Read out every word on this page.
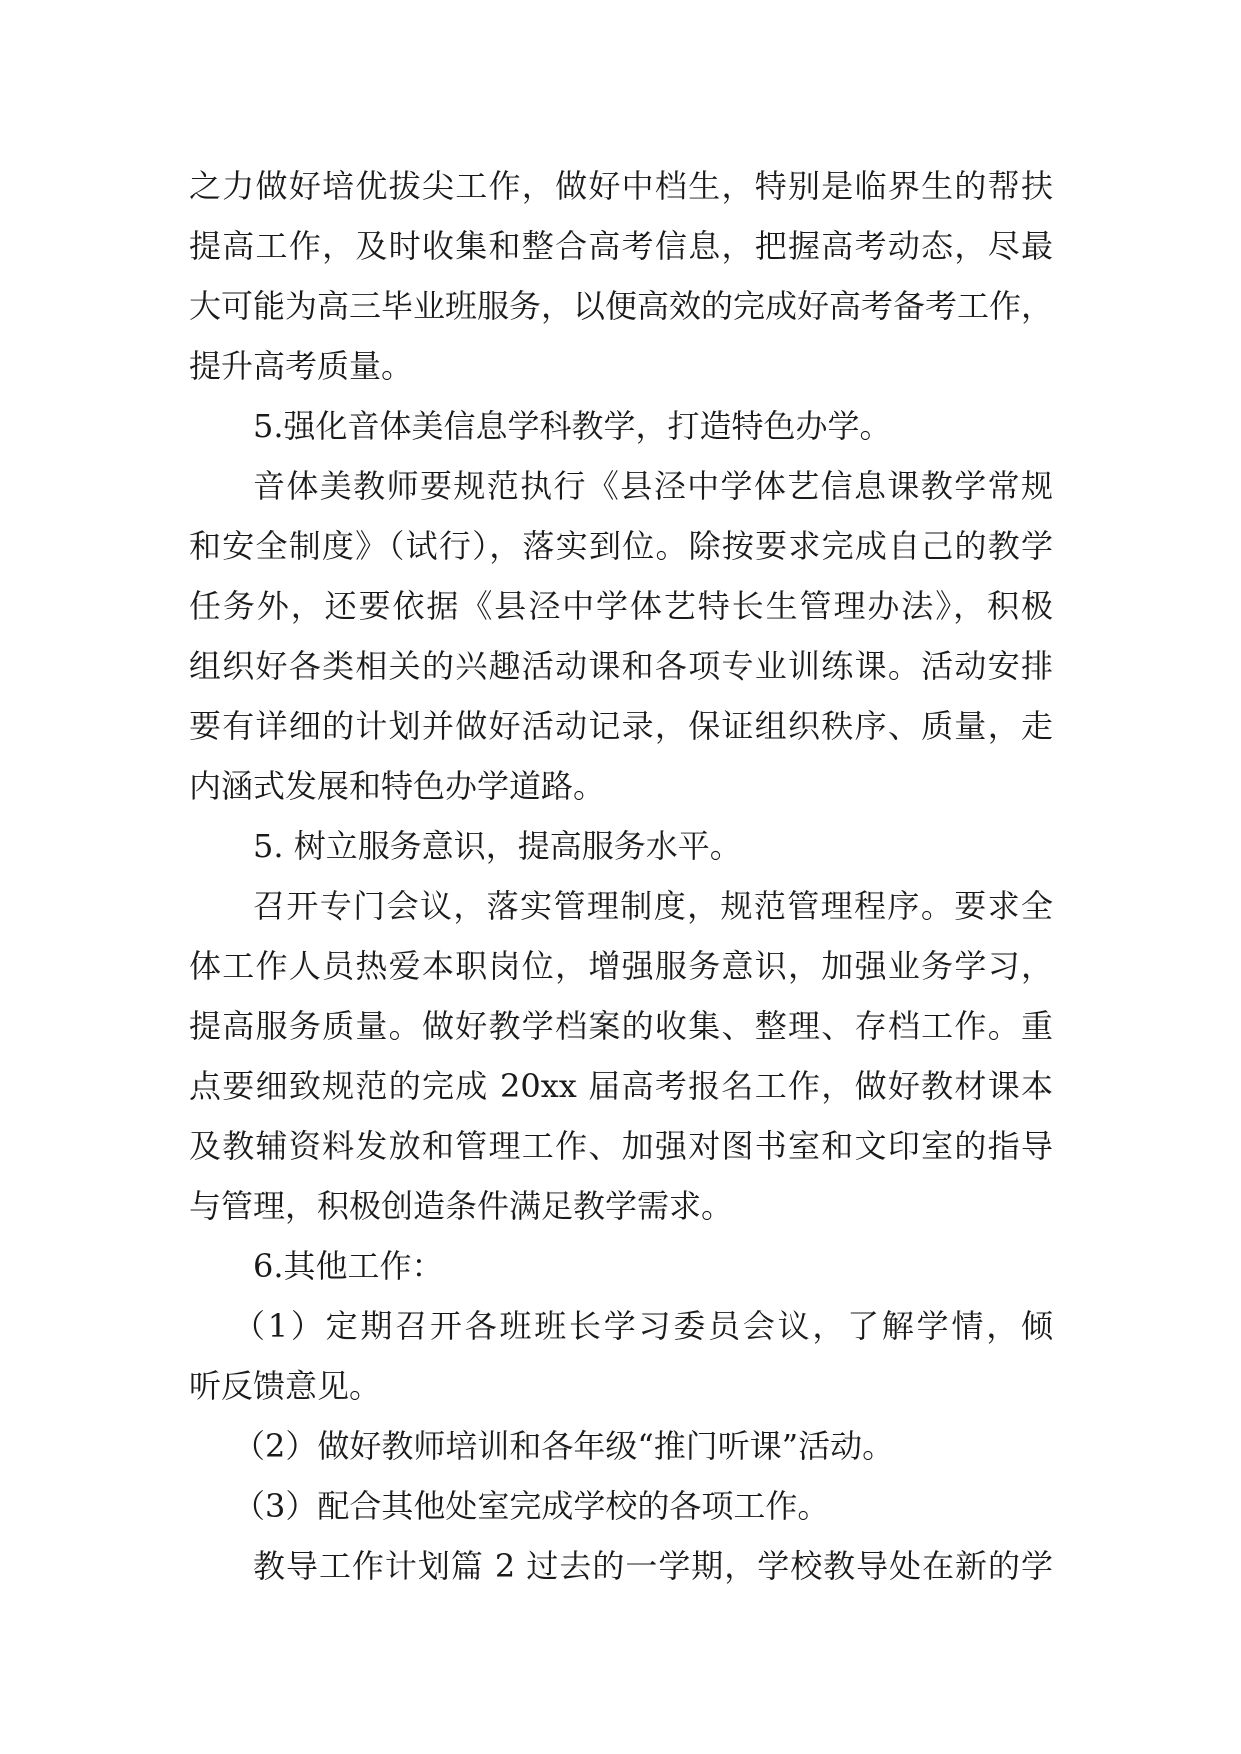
之力做好培优拔尖工作，做好中档生，特别是临界生的帮扶
提高工作，及时收集和整合高考信息，把握高考动态，尽最
大可能为高三毕业班服务，以便高效的完成好高考备考工作，
提升高考质量。
5.强化音体美信息学科教学，打造特色办学。
音体美教师要规范执行《县泾中学体艺信息课教学常规
和安全制度》（试行），落实到位。除按要求完成自己的教学
任务外，还要依据《县泾中学体艺特长生管理办法》，积极
组织好各类相关的兴趣活动课和各项专业训练课。活动安排
要有详细的计划并做好活动记录，保证组织秩序、质量，走
内涵式发展和特色办学道路。
5. 树立服务意识，提高服务水平。
召开专门会议，落实管理制度，规范管理程序。要求全
体工作人员热爱本职岗位，增强服务意识，加强业务学习，
提高服务质量。做好教学档案的收集、整理、存档工作。重
点要细致规范的完成 20xx 届高考报名工作，做好教材课本
及教辅资料发放和管理工作、加强对图书室和文印室的指导
与管理，积极创造条件满足教学需求。
6.其他工作：
（1）定期召开各班班长学习委员会议，了解学情，倾
听反馈意见。
（2）做好教师培训和各年级“推门听课”活动。
（3）配合其他处室完成学校的各项工作。
教导工作计划篇 2 过去的一学期，学校教导处在新的学
